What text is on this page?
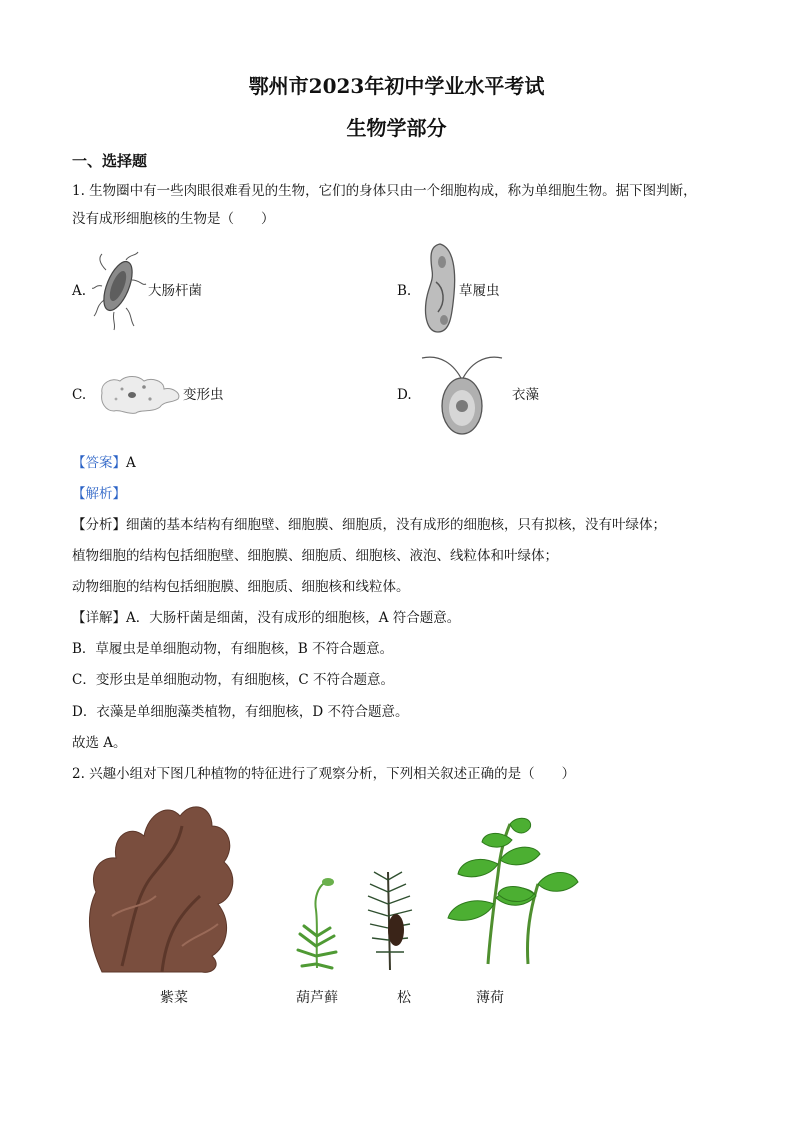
鄂州市2023年初中学业水平考试
生物学部分
一、选择题
1. 生物圈中有一些肉眼很难看见的生物，它们的身体只由一个细胞构成，称为单细胞生物。据下图判断，
没有成形细胞核的生物是（　　）
A.	大肠杆菌	B.	草履虫
C.	变形虫	D.	衣藻
【答案】A
【解析】
【分析】细菌的基本结构有细胞壁、细胞膜、细胞质，没有成形的细胞核，只有拟核，没有叶绿体；
植物细胞的结构包括细胞壁、细胞膜、细胞质、细胞核、液泡、线粒体和叶绿体；
动物细胞的结构包括细胞膜、细胞质、细胞核和线粒体。
【详解】A．大肠杆菌是细菌，没有成形的细胞核，A 符合题意。
B．草履虫是单细胞动物，有细胞核，B 不符合题意。
C．变形虫是单细胞动物，有细胞核，C 不符合题意。
D．衣藻是单细胞藻类植物，有细胞核，D 不符合题意。
故选 A。
2. 兴趣小组对下图几种植物的特征进行了观察分析，下列相关叙述正确的是（　　）
紫菜	葫芦藓	松	薄荷
